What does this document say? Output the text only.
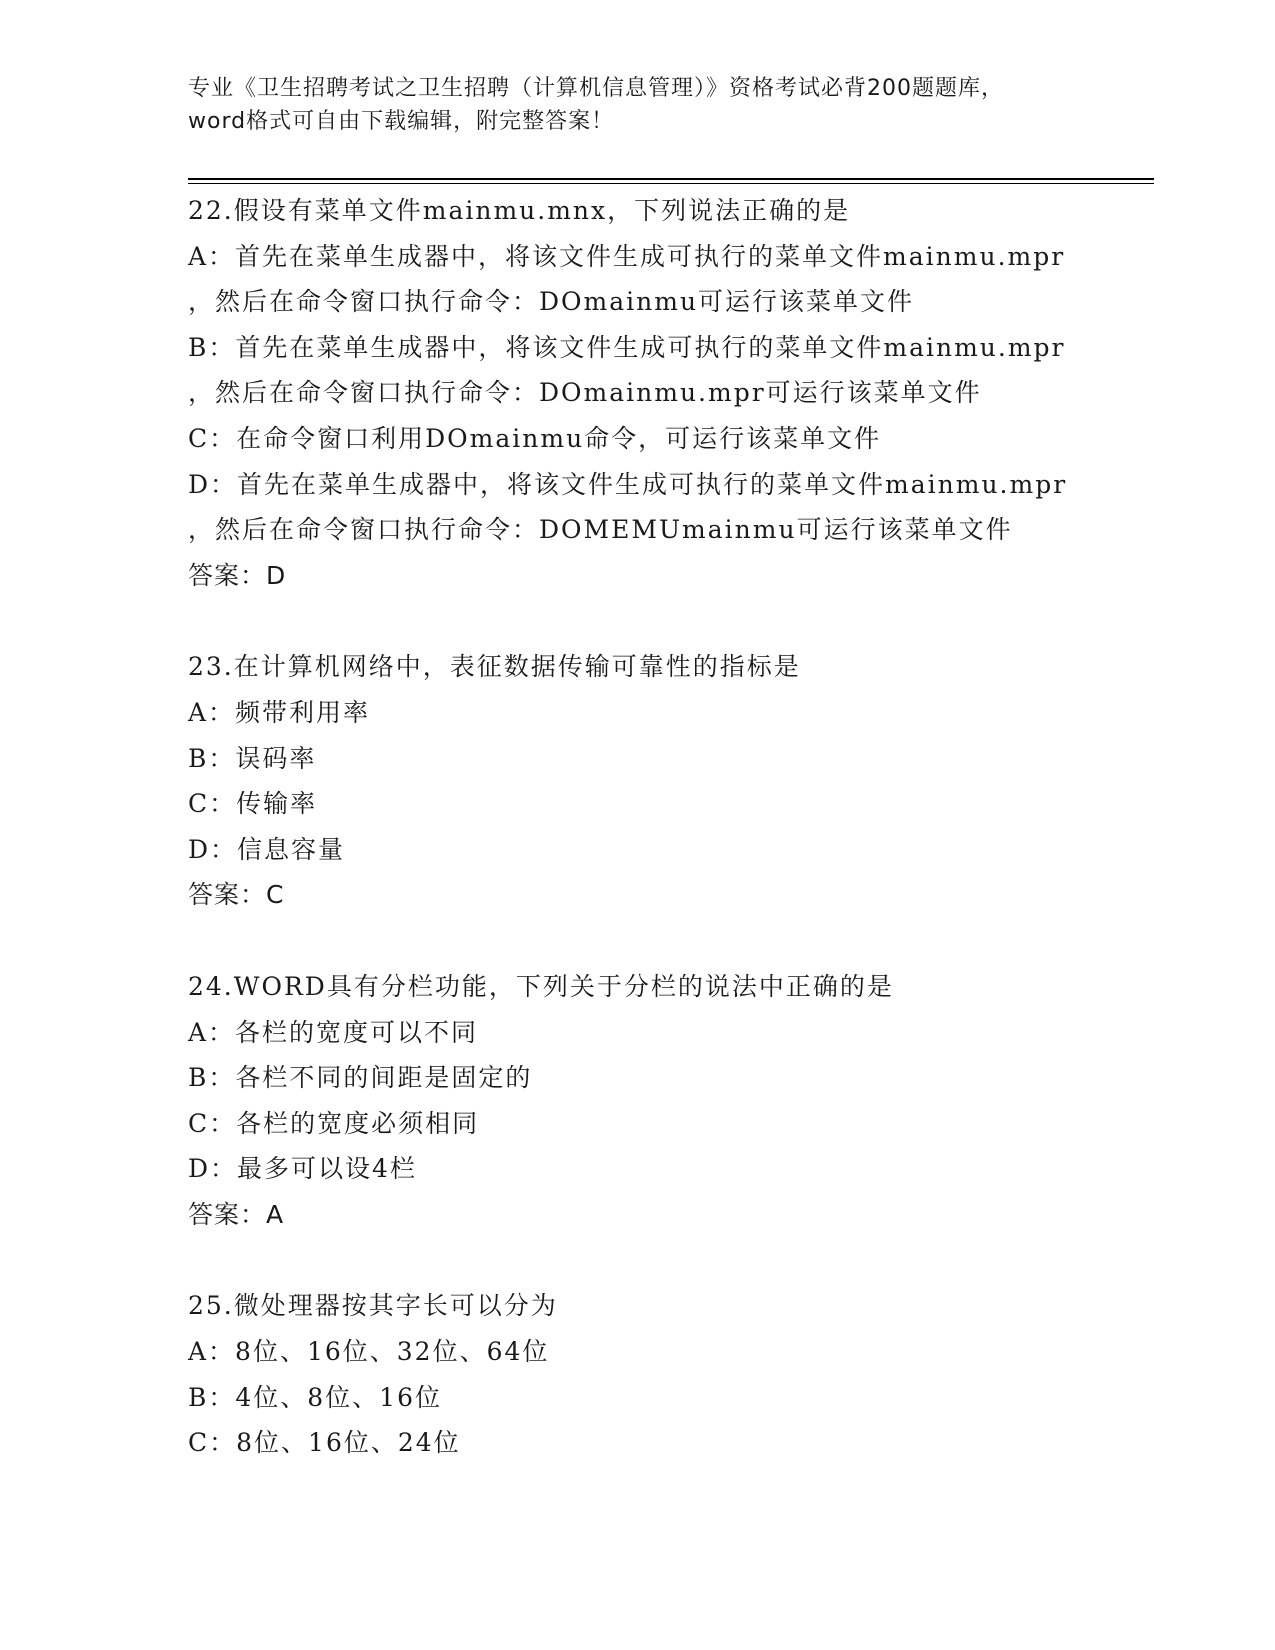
专业《卫生招聘考试之卫生招聘（计算机信息管理）》资格考试必背200题题库，
word格式可自由下载编辑，附完整答案！
22.假设有菜单文件mainmu.mnx，下列说法正确的是
A：首先在菜单生成器中，将该文件生成可执行的菜单文件mainmu.mpr
，然后在命令窗口执行命令：DOmainmu可运行该菜单文件
B：首先在菜单生成器中，将该文件生成可执行的菜单文件mainmu.mpr
，然后在命令窗口执行命令：DOmainmu.mpr可运行该菜单文件
C：在命令窗口利用DOmainmu命令，可运行该菜单文件
D：首先在菜单生成器中，将该文件生成可执行的菜单文件mainmu.mpr
，然后在命令窗口执行命令：DOMEMUmainmu可运行该菜单文件
答案：D
23.在计算机网络中，表征数据传输可靠性的指标是
A：频带利用率
B：误码率
C：传输率
D：信息容量
答案：C
24.WORD具有分栏功能，下列关于分栏的说法中正确的是
A：各栏的宽度可以不同
B：各栏不同的间距是固定的
C：各栏的宽度必须相同
D：最多可以设4栏
答案：A
25.微处理器按其字长可以分为
A：8位、16位、32位、64位
B：4位、8位、16位
C：8位、16位、24位
